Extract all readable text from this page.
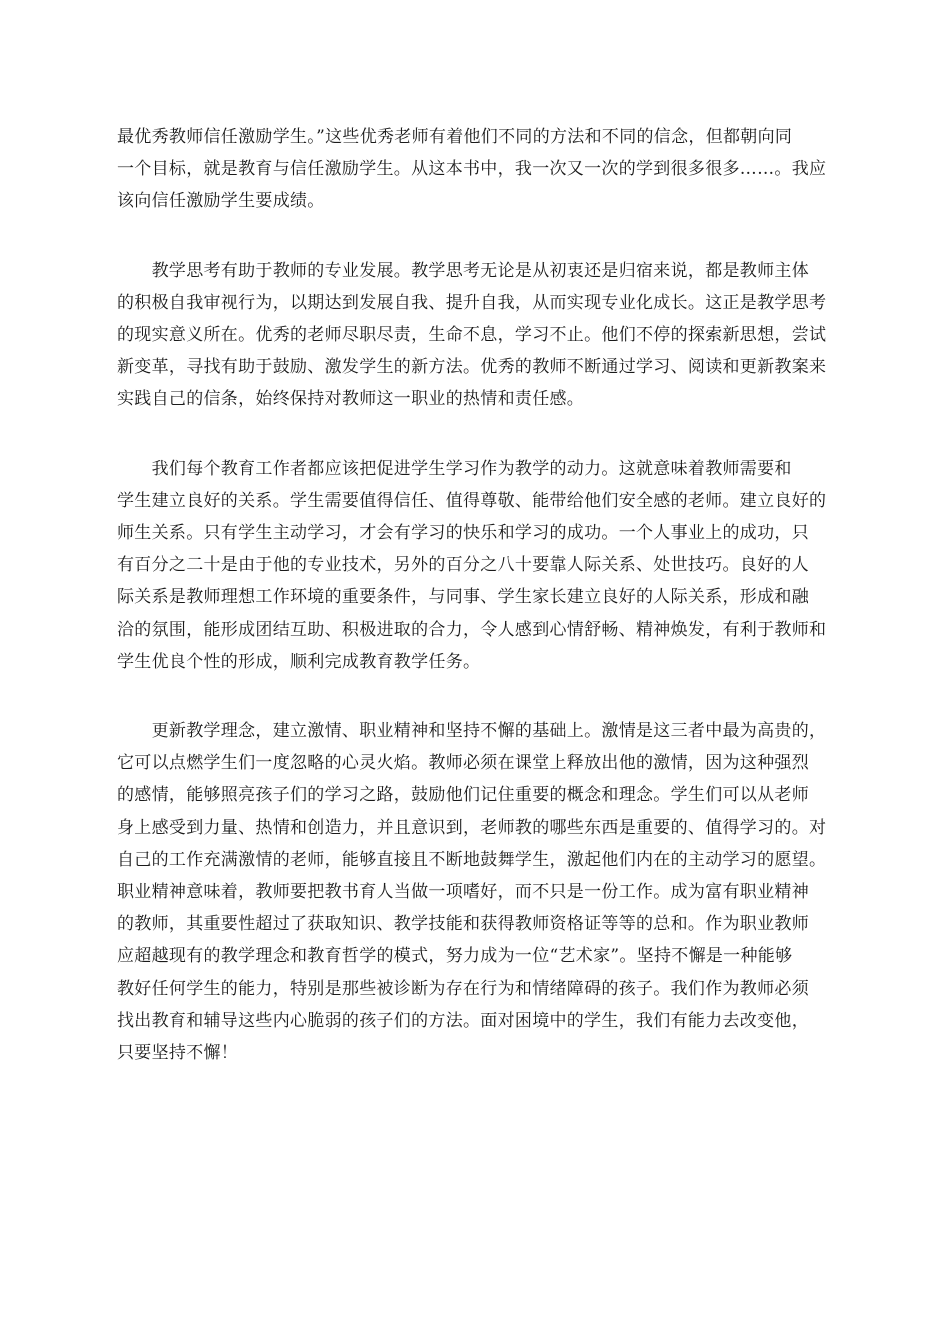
最优秀教师信任激励学生。”这些优秀老师有着他们不同的方法和不同的信念，但都朝向同
一个目标，就是教育与信任激励学生。从这本书中，我一次又一次的学到很多很多……。我应
该向信任激励学生要成绩。

　　教学思考有助于教师的专业发展。教学思考无论是从初衷还是归宿来说，都是教师主体
的积极自我审视行为，以期达到发展自我、提升自我，从而实现专业化成长。这正是教学思考
的现实意义所在。优秀的老师尽职尽责，生命不息，学习不止。他们不停的探索新思想，尝试
新变革，寻找有助于鼓励、激发学生的新方法。优秀的教师不断通过学习、阅读和更新教案来
实践自己的信条，始终保持对教师这一职业的热情和责任感。

　　我们每个教育工作者都应该把促进学生学习作为教学的动力。这就意味着教师需要和
学生建立良好的关系。学生需要值得信任、值得尊敬、能带给他们安全感的老师。建立良好的
师生关系。只有学生主动学习，才会有学习的快乐和学习的成功。一个人事业上的成功，只
有百分之二十是由于他的专业技术，另外的百分之八十要靠人际关系、处世技巧。良好的人
际关系是教师理想工作环境的重要条件，与同事、学生家长建立良好的人际关系，形成和融
洽的氛围，能形成团结互助、积极进取的合力，令人感到心情舒畅、精神焕发，有利于教师和
学生优良个性的形成，顺利完成教育教学任务。

　　更新教学理念，建立激情、职业精神和坚持不懈的基础上。激情是这三者中最为高贵的，
它可以点燃学生们一度忽略的心灵火焰。教师必须在课堂上释放出他的激情，因为这种强烈
的感情，能够照亮孩子们的学习之路，鼓励他们记住重要的概念和理念。学生们可以从老师
身上感受到力量、热情和创造力，并且意识到，老师教的哪些东西是重要的、值得学习的。对
自己的工作充满激情的老师，能够直接且不断地鼓舞学生，激起他们内在的主动学习的愿望。
职业精神意味着，教师要把教书育人当做一项嗜好，而不只是一份工作。成为富有职业精神
的教师，其重要性超过了获取知识、教学技能和获得教师资格证等等的总和。作为职业教师
应超越现有的教学理念和教育哲学的模式，努力成为一位“艺术家”。坚持不懈是一种能够
教好任何学生的能力，特别是那些被诊断为存在行为和情绪障碍的孩子。我们作为教师必须
找出教育和辅导这些内心脆弱的孩子们的方法。面对困境中的学生，我们有能力去改变他，
只要坚持不懈！
